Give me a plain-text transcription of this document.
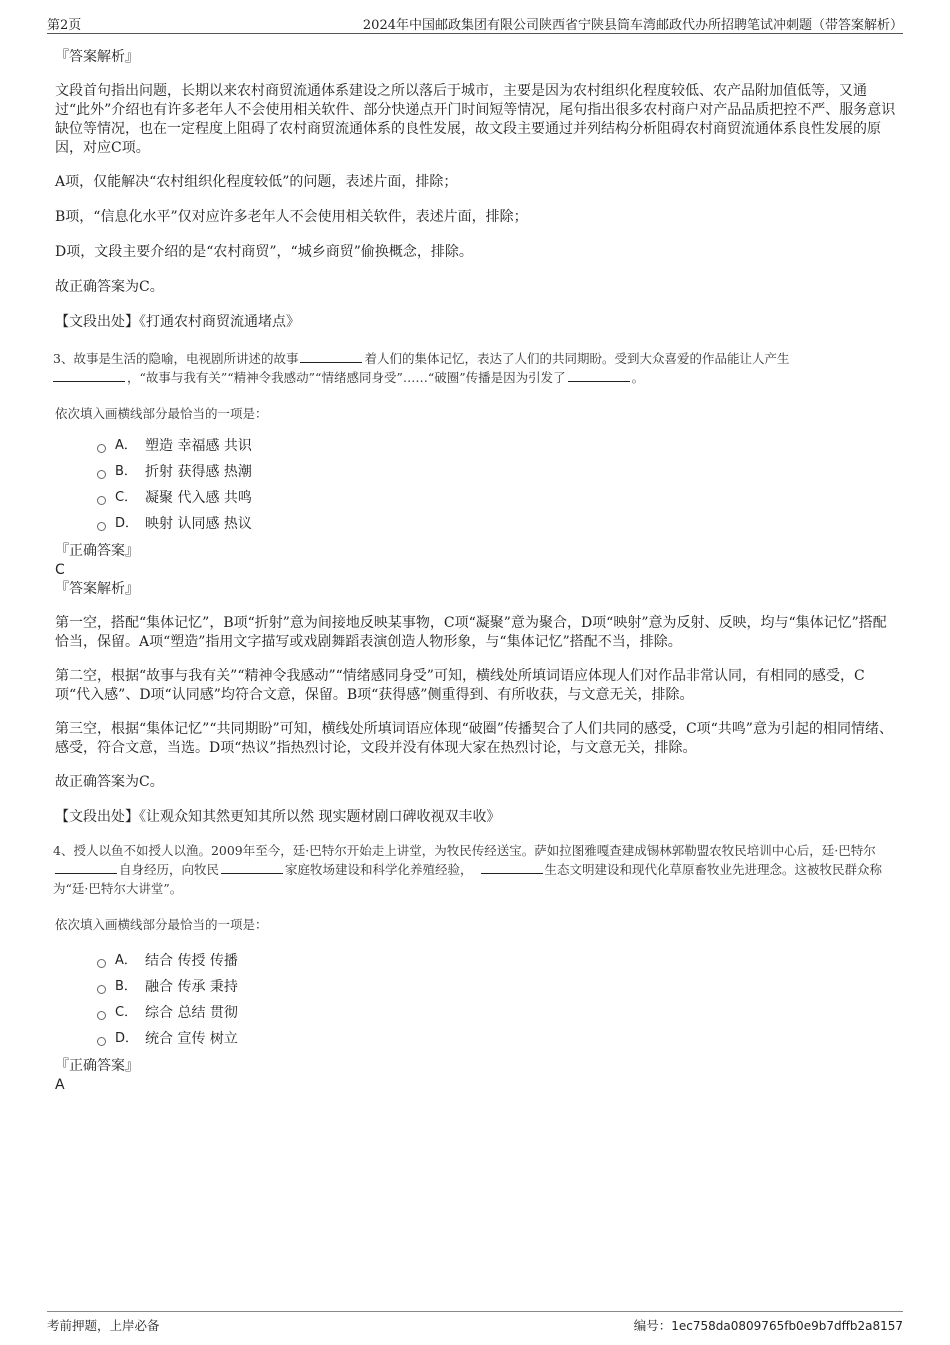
第2页	2024年中国邮政集团有限公司陕西省宁陕县筒车湾邮政代办所招聘笔试冲刺题（带答案解析）

『答案解析』

文段首句指出问题，长期以来农村商贸流通体系建设之所以落后于城市，主要是因为农村组织化程度较低、农产品附加值低等，又通过“此外”介绍也有许多老年人不会使用相关软件、部分快递点开门时间短等情况，尾句指出很多农村商户对产品品质把控不严、服务意识缺位等情况，也在一定程度上阻碍了农村商贸流通体系的良性发展，故文段主要通过并列结构分析阻碍农村商贸流通体系良性发展的原因，对应C项。

A项，仅能解决“农村组织化程度较低”的问题，表述片面，排除；

B项，“信息化水平”仅对应许多老年人不会使用相关软件，表述片面，排除；

D项，文段主要介绍的是“农村商贸”，“城乡商贸”偷换概念，排除。

故正确答案为C。

【文段出处】《打通农村商贸流通堵点》

3、故事是生活的隐喻，电视剧所讲述的故事	着人们的集体记忆，表达了人们的共同期盼。受到大众喜爱的作品能让人产生
，“故事与我有关”“精神令我感动”“情绪感同身受”……“破圈”传播是因为引发了	。

依次填入画横线部分最恰当的一项是：

A． 塑造 幸福感 共识
B． 折射 获得感 热潮
C． 凝聚 代入感 共鸣
D． 映射 认同感 热议

『正确答案』

C

『答案解析』

第一空，搭配“集体记忆”，B项“折射”意为间接地反映某事物，C项“凝聚”意为聚合，D项“映射”意为反射、反映，均与“集体记忆”搭配恰当，保留。A项“塑造”指用文字描写或戏剧舞蹈表演创造人物形象，与“集体记忆”搭配不当，排除。

第二空，根据“故事与我有关”“精神令我感动”“情绪感同身受”可知，横线处所填词语应体现人们对作品非常认同，有相同的感受，C项“代入感”、D项“认同感”均符合文意，保留。B项“获得感”侧重得到、有所收获，与文意无关，排除。

第三空，根据“集体记忆”“共同期盼”可知，横线处所填词语应体现“破圈”传播契合了人们共同的感受，C项“共鸣”意为引起的相同情绪、感受，符合文意，当选。D项“热议”指热烈讨论，文段并没有体现大家在热烈讨论，与文意无关，排除。

故正确答案为C。

【文段出处】《让观众知其然更知其所以然 现实题材剧口碑收视双丰收》

4、授人以鱼不如授人以渔。2009年至今，廷·巴特尔开始走上讲堂，为牧民传经送宝。萨如拉图雅嘎查建成锡林郭勒盟农牧民培训中心后，廷·巴特尔自身经历，向牧民	家庭牧场建设和科学化养殖经验，	生态文明建设和现代化草原畜牧业先进理念。这被牧民群众称为“廷·巴特尔大讲堂”。

依次填入画横线部分最恰当的一项是：

A． 结合 传授 传播
B． 融合 传承 秉持
C． 综合 总结 贯彻
D． 统合 宣传 树立

『正确答案』

A

考前押题，上岸必备	编号：1ec758da0809765fb0e9b7dffb2a8157
